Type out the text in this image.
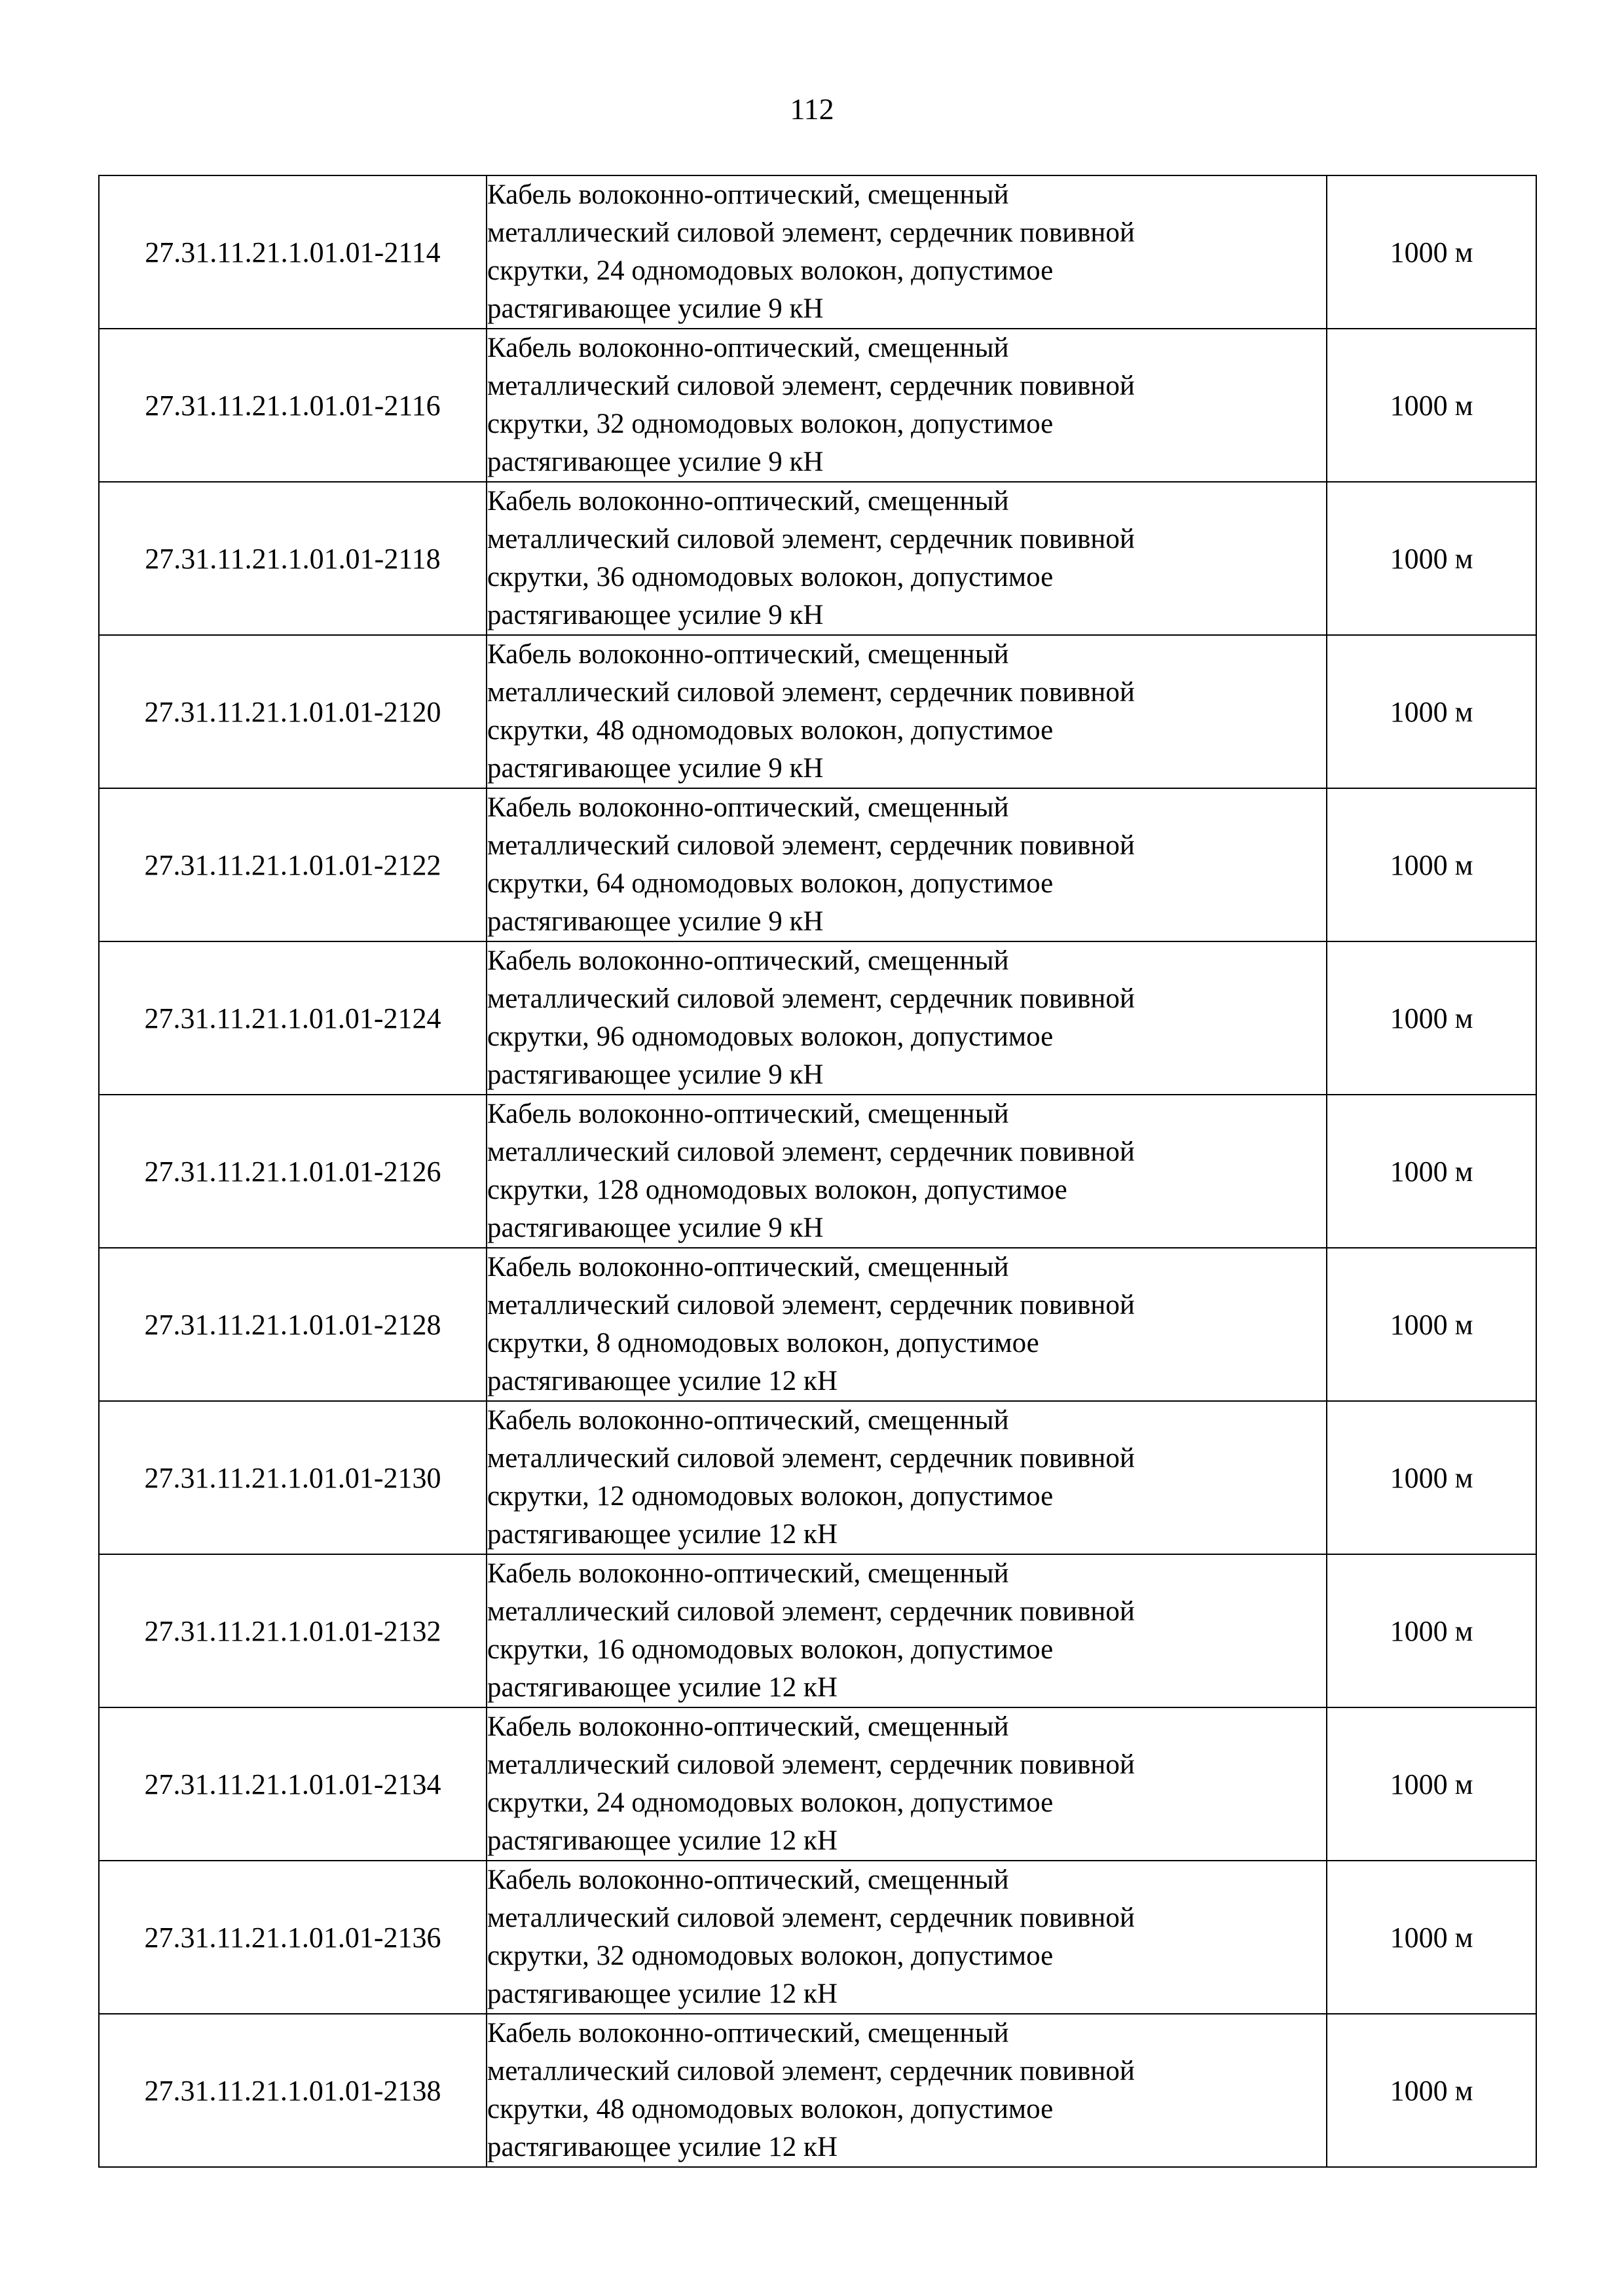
112
27.31.11.21.1.01.01-2114	Кабель волоконно-оптический, смещенный
металлический силовой элемент, сердечник повивной
скрутки, 24 одномодовых волокон, допустимое
растягивающее усилие 9 кН	1000 м
27.31.11.21.1.01.01-2116	Кабель волоконно-оптический, смещенный
металлический силовой элемент, сердечник повивной
скрутки, 32 одномодовых волокон, допустимое
растягивающее усилие 9 кН	1000 м
27.31.11.21.1.01.01-2118	Кабель волоконно-оптический, смещенный
металлический силовой элемент, сердечник повивной
скрутки, 36 одномодовых волокон, допустимое
растягивающее усилие 9 кН	1000 м
27.31.11.21.1.01.01-2120	Кабель волоконно-оптический, смещенный
металлический силовой элемент, сердечник повивной
скрутки, 48 одномодовых волокон, допустимое
растягивающее усилие 9 кН	1000 м
27.31.11.21.1.01.01-2122	Кабель волоконно-оптический, смещенный
металлический силовой элемент, сердечник повивной
скрутки, 64 одномодовых волокон, допустимое
растягивающее усилие 9 кН	1000 м
27.31.11.21.1.01.01-2124	Кабель волоконно-оптический, смещенный
металлический силовой элемент, сердечник повивной
скрутки, 96 одномодовых волокон, допустимое
растягивающее усилие 9 кН	1000 м
27.31.11.21.1.01.01-2126	Кабель волоконно-оптический, смещенный
металлический силовой элемент, сердечник повивной
скрутки, 128 одномодовых волокон, допустимое
растягивающее усилие 9 кН	1000 м
27.31.11.21.1.01.01-2128	Кабель волоконно-оптический, смещенный
металлический силовой элемент, сердечник повивной
скрутки, 8 одномодовых волокон, допустимое
растягивающее усилие 12 кН	1000 м
27.31.11.21.1.01.01-2130	Кабель волоконно-оптический, смещенный
металлический силовой элемент, сердечник повивной
скрутки, 12 одномодовых волокон, допустимое
растягивающее усилие 12 кН	1000 м
27.31.11.21.1.01.01-2132	Кабель волоконно-оптический, смещенный
металлический силовой элемент, сердечник повивной
скрутки, 16 одномодовых волокон, допустимое
растягивающее усилие 12 кН	1000 м
27.31.11.21.1.01.01-2134	Кабель волоконно-оптический, смещенный
металлический силовой элемент, сердечник повивной
скрутки, 24 одномодовых волокон, допустимое
растягивающее усилие 12 кН	1000 м
27.31.11.21.1.01.01-2136	Кабель волоконно-оптический, смещенный
металлический силовой элемент, сердечник повивной
скрутки, 32 одномодовых волокон, допустимое
растягивающее усилие 12 кН	1000 м
27.31.11.21.1.01.01-2138	Кабель волоконно-оптический, смещенный
металлический силовой элемент, сердечник повивной
скрутки, 48 одномодовых волокон, допустимое
растягивающее усилие 12 кН	1000 м
